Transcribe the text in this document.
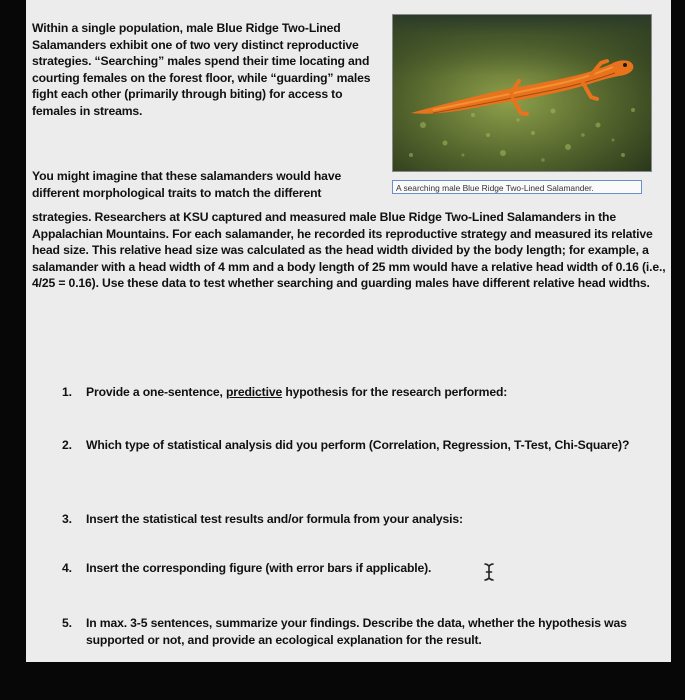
Within a single population, male Blue Ridge Two-Lined Salamanders exhibit one of two very distinct reproductive strategies. “Searching” males spend their time locating and courting females on the forest floor, while “guarding” males fight each other (primarily through biting) for access to females in streams.

A searching male Blue Ridge Two-Lined Salamander.

You might imagine that these salamanders would have different morphological traits to match the different

strategies. Researchers at KSU captured and measured male Blue Ridge Two-Lined Salamanders in the Appalachian Mountains. For each salamander, he recorded its reproductive strategy and measured its relative head size. This relative head size was calculated as the head width divided by the body length; for example, a salamander with a head width of 4 mm and a body length of 25 mm would have a relative head width of 0.16 (i.e., 4/25 = 0.16). Use these data to test whether searching and guarding males have different relative head widths.

1.	Provide a one-sentence, predictive hypothesis for the research performed:
2.	Which type of statistical analysis did you perform (Correlation, Regression, T-Test, Chi-Square)?
3.	Insert the statistical test results and/or formula from your analysis:
4.	Insert the corresponding figure (with error bars if applicable).
5.	In max. 3-5 sentences, summarize your findings. Describe the data, whether the hypothesis was supported or not, and provide an ecological explanation for the result.
